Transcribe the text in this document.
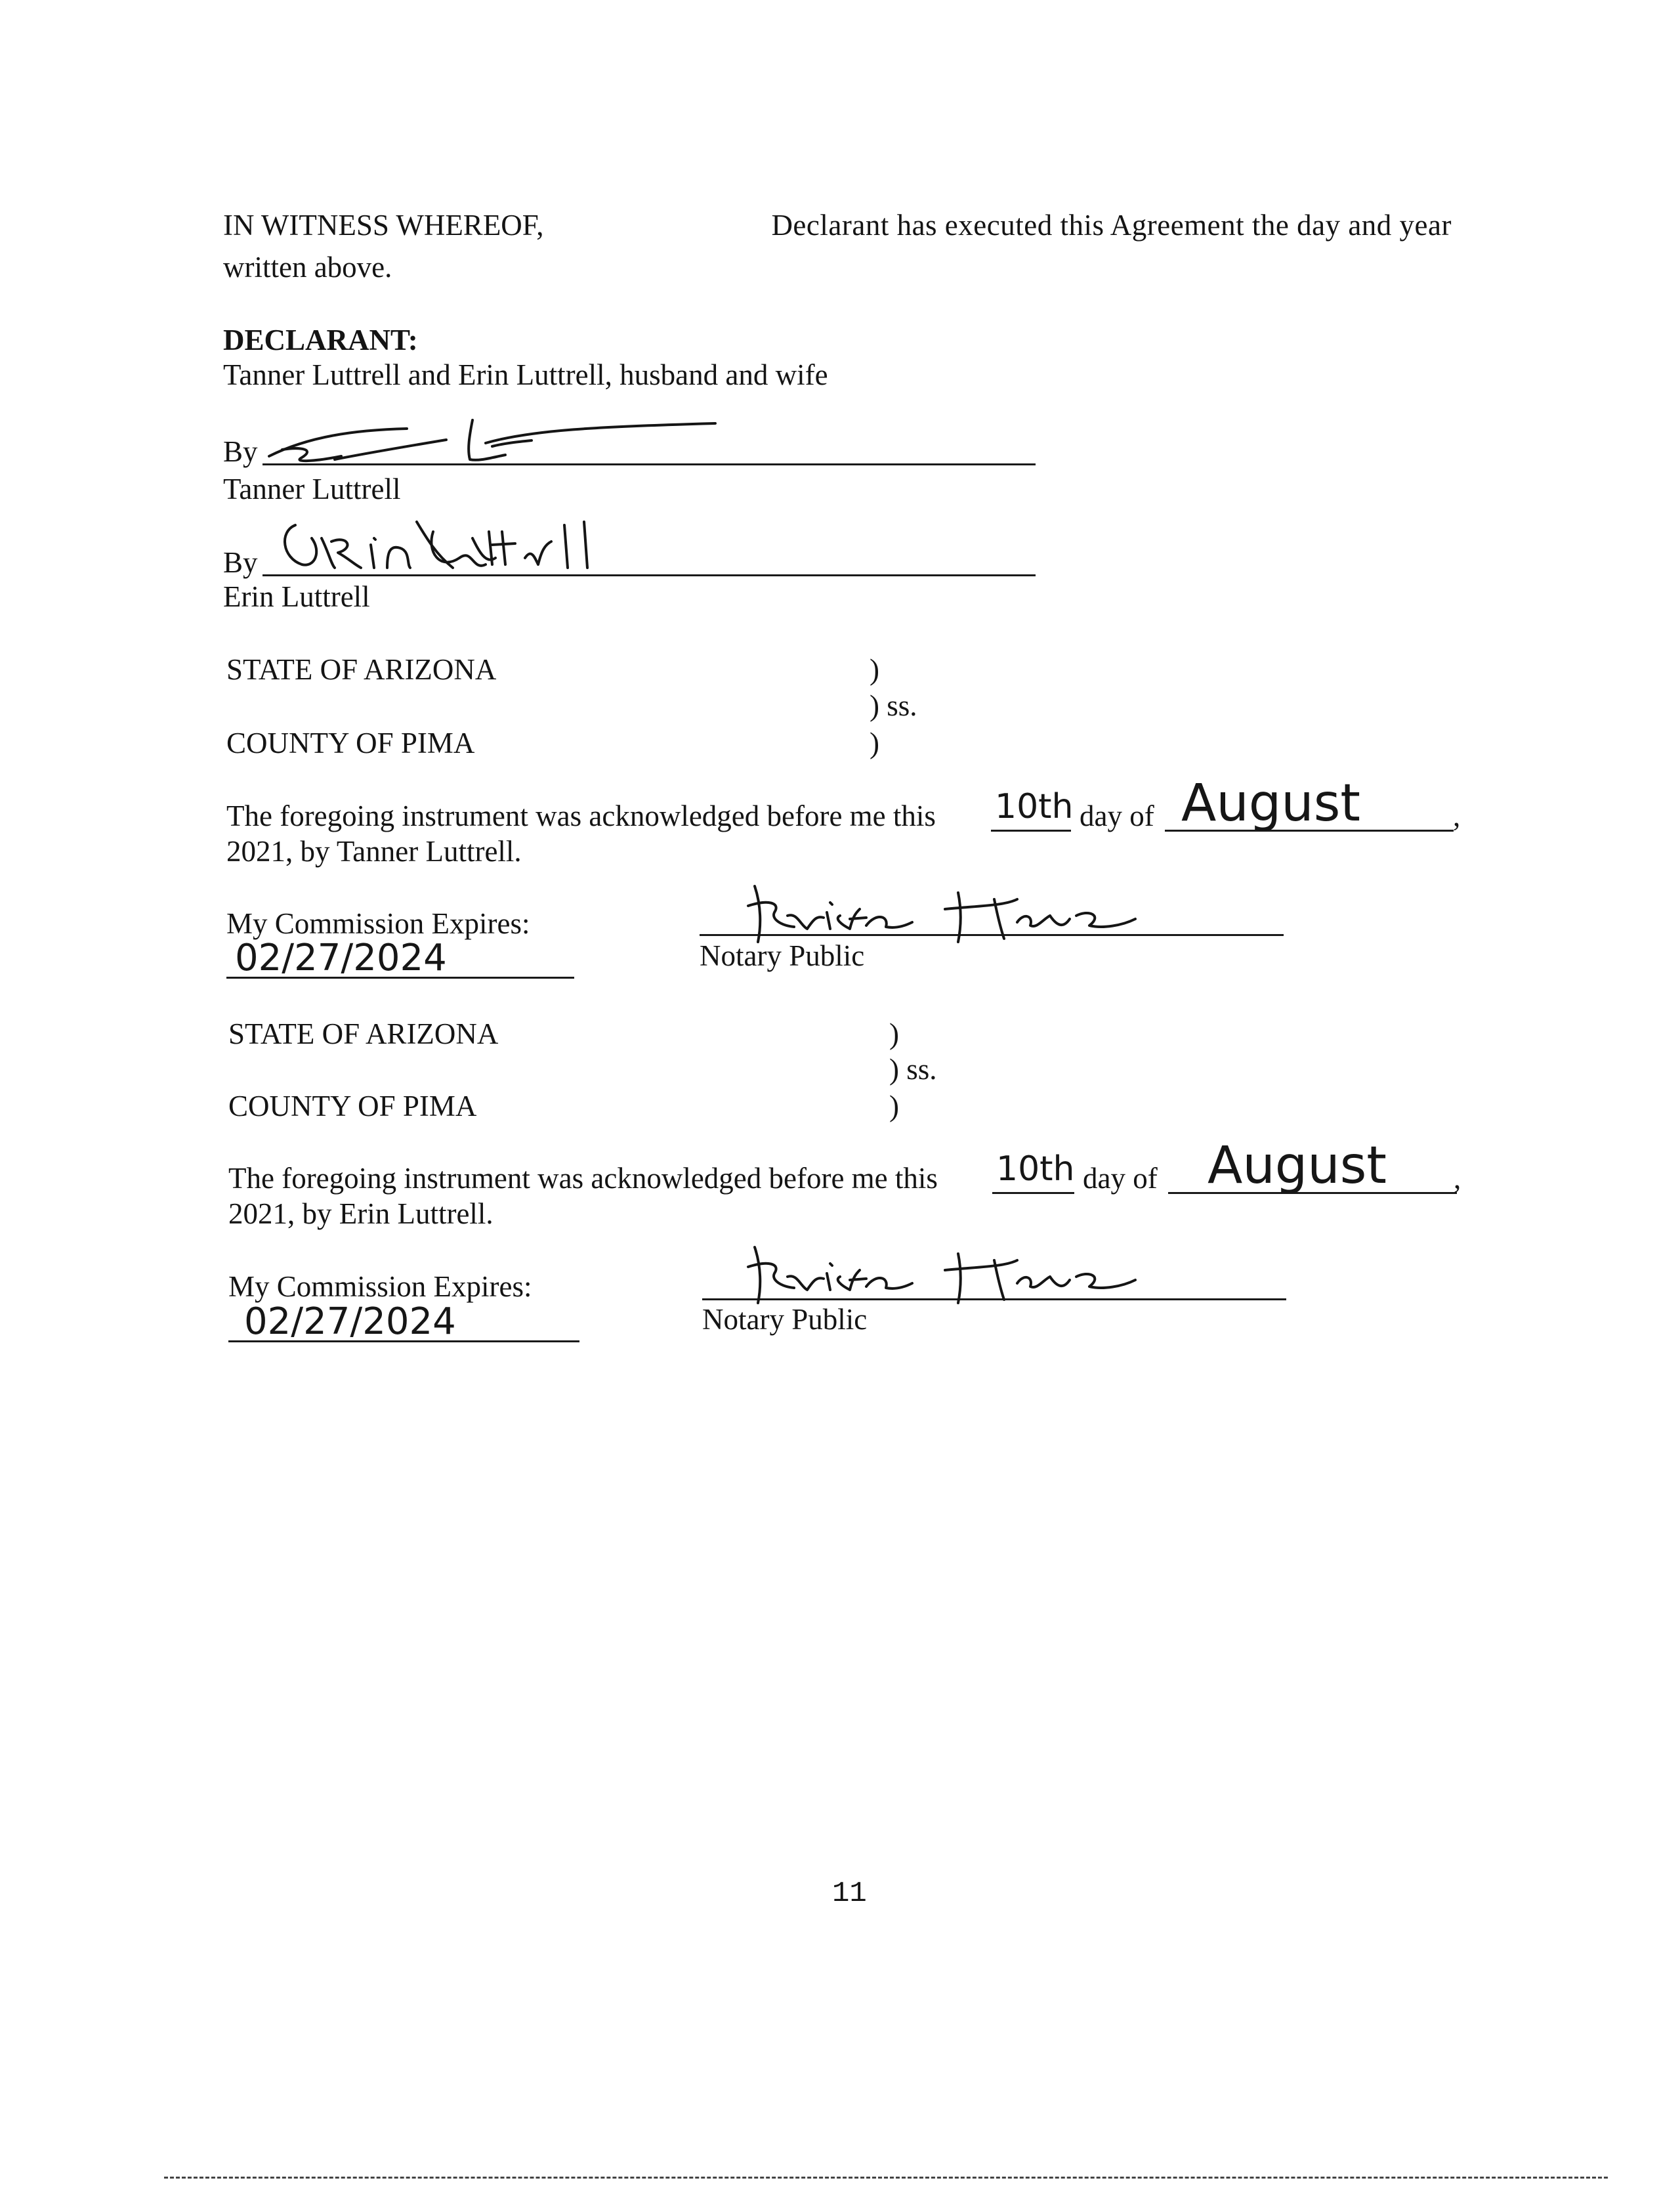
IN WITNESS WHEREOF,	Declarant has executed this Agreement the day and year
written above.
DECLARANT:
Tanner Luttrell and Erin Luttrell, husband and wife
By
Tanner Luttrell
By
Erin Luttrell
STATE OF ARIZONA	)
) ss.
COUNTY OF PIMA	)
The foregoing instrument was acknowledged before me this 10th day of August	,
2021, by Tanner Luttrell.
My Commission Expires:
02/27/2024	Notary Public
STATE OF ARIZONA	)
) ss.
COUNTY OF PIMA	)
The foregoing instrument was acknowledged before me this 10th day of August ,
2021, by Erin Luttrell.
My Commission Expires:
02/27/2024	Notary Public
11
